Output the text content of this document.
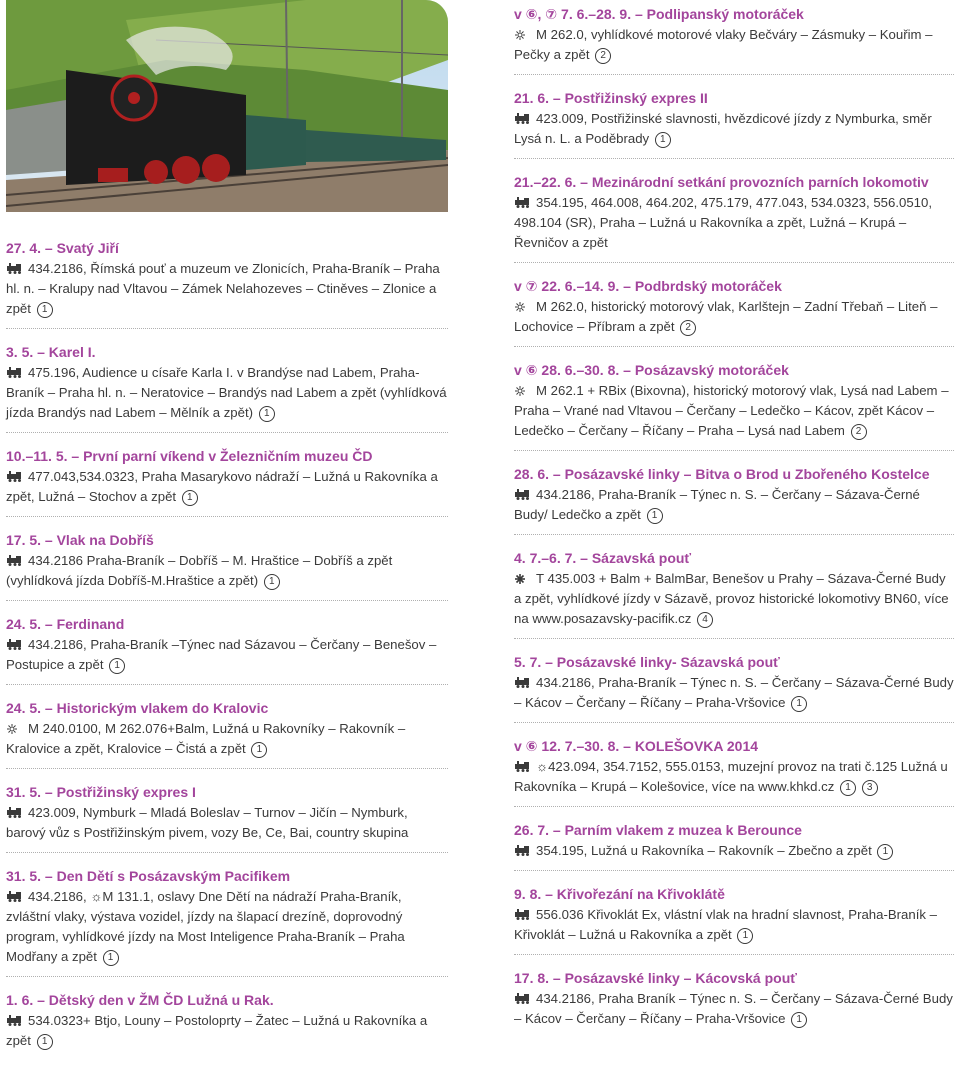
27. 4. – Svatý Jiří

434.2186, Římská pouť a muzeum ve Zlonicích, Praha-Braník – Praha hl. n. – Kralupy nad Vltavou – Zámek Nelahozeves – Ctiněves – Zlonice a zpět 1

3. 5. – Karel I.

475.196, Audience u císaře Karla I. v Brandýse nad Labem, Praha-Braník – Praha hl. n. – Neratovice – Brandýs nad Labem a zpět (vyhlídková jízda Brandýs nad Labem – Mělník a zpět) 1

10.–11. 5. – První parní víkend v Železničním muzeu ČD

477.043,534.0323, Praha Masarykovo nádraží – Lužná u Rakovníka a zpět, Lužná – Stochov a zpět 1

17. 5. – Vlak na Dobříš

434.2186 Praha-Braník – Dobříš – M. Hraštice – Dobříš a zpět (vyhlídková jízda Dobříš-M.Hraštice a zpět) 1

24. 5. – Ferdinand

434.2186, Praha-Braník –Týnec nad Sázavou – Čerčany – Benešov – Postupice a zpět 1

24. 5. – Historickým vlakem do Kralovic

M 240.0100, M 262.076+Balm, Lužná u Rakovníky – Rakovník – Kralovice a zpět, Kralovice – Čistá a zpět 1

31. 5. – Postřižinský expres I

423.009, Nymburk – Mladá Boleslav – Turnov – Jičín – Nymburk, barový vůz s Postřižinským pivem, vozy Be, Ce, Bai, country skupina

31. 5. – Den Dětí s Posázavským Pacifikem

434.2186, ☼M 131.1, oslavy Dne Dětí na nádraží Praha-Braník, zvláštní vlaky, výstava vozidel, jízdy na šlapací drezíně, doprovodný program, vyhlídkové jízdy na Most Inteligence Praha-Braník – Praha Modřany a zpět 1

1. 6. – Dětský den v ŽM ČD Lužná u Rak.

534.0323+ Btjo, Louny – Postoloprty – Žatec – Lužná u Rakovníka a zpět 1

v ⑥, ⑦ 7. 6.–28. 9. – Podlipanský motoráček

M 262.0, vyhlídkové motorové vlaky Bečváry – Zásmuky – Kouřim – Pečky a zpět 2

21. 6. – Postřižinský expres II

423.009, Postřižinské slavnosti, hvězdicové jízdy z Nymburka, směr Lysá n. L. a Poděbrady 1

21.–22. 6. – Mezinárodní setkání provozních parních lokomotiv

354.195, 464.008, 464.202, 475.179, 477.043, 534.0323, 556.0510, 498.104 (SR), Praha – Lužná u Rakovníka a zpět, Lužná – Krupá – Řevničov a zpět

v ⑦ 22. 6.–14. 9. – Podbrdský motoráček

M 262.0, historický motorový vlak, Karlštejn – Zadní Třebaň – Liteň – Lochovice – Příbram a zpět 2

v ⑥ 28. 6.–30. 8. – Posázavský motoráček

M 262.1 + RBix (Bixovna), historický motorový vlak, Lysá nad Labem – Praha – Vrané nad Vltavou – Čerčany – Ledečko – Kácov, zpět Kácov –Ledečko – Čerčany – Říčany – Praha – Lysá nad Labem 2

28. 6. – Posázavské linky – Bitva o Brod u Zbořeného Kostelce

434.2186, Praha-Braník – Týnec n. S. – Čerčany – Sázava-Černé Budy/ Ledečko a zpět 1

4. 7.–6. 7. – Sázavská pouť

T 435.003 + Balm + BalmBar, Benešov u Prahy – Sázava-Černé Budy a zpět, vyhlídkové jízdy v Sázavě, provoz historické lokomotivy BN60, více na www.posazavsky-pacifik.cz 4

5. 7. – Posázavské linky- Sázavská pouť

434.2186, Praha-Braník – Týnec n. S. – Čerčany – Sázava-Černé Budy – Kácov – Čerčany – Říčany – Praha-Vršovice 1

v ⑥ 12. 7.–30. 8. – KOLEŠOVKA 2014

☼423.094, 354.7152, 555.0153, muzejní provoz na trati č.125 Lužná u Rakovníka – Krupá – Kolešovice, více na www.khkd.cz 1 3

26. 7. – Parním vlakem z muzea k Berounce

354.195, Lužná u Rakovníka – Rakovník – Zbečno a zpět 1

9. 8. – Křivořezání na Křivoklátě

556.036 Křivoklát Ex, vlástní vlak na hradní slavnost, Praha-Braník – Křivoklát – Lužná u Rakovníka a zpět 1

17. 8. – Posázavské linky – Kácovská pouť

434.2186, Praha Braník – Týnec n. S. – Čerčany – Sázava-Černé Budy – Kácov – Čerčany – Říčany – Praha-Vršovice 1
